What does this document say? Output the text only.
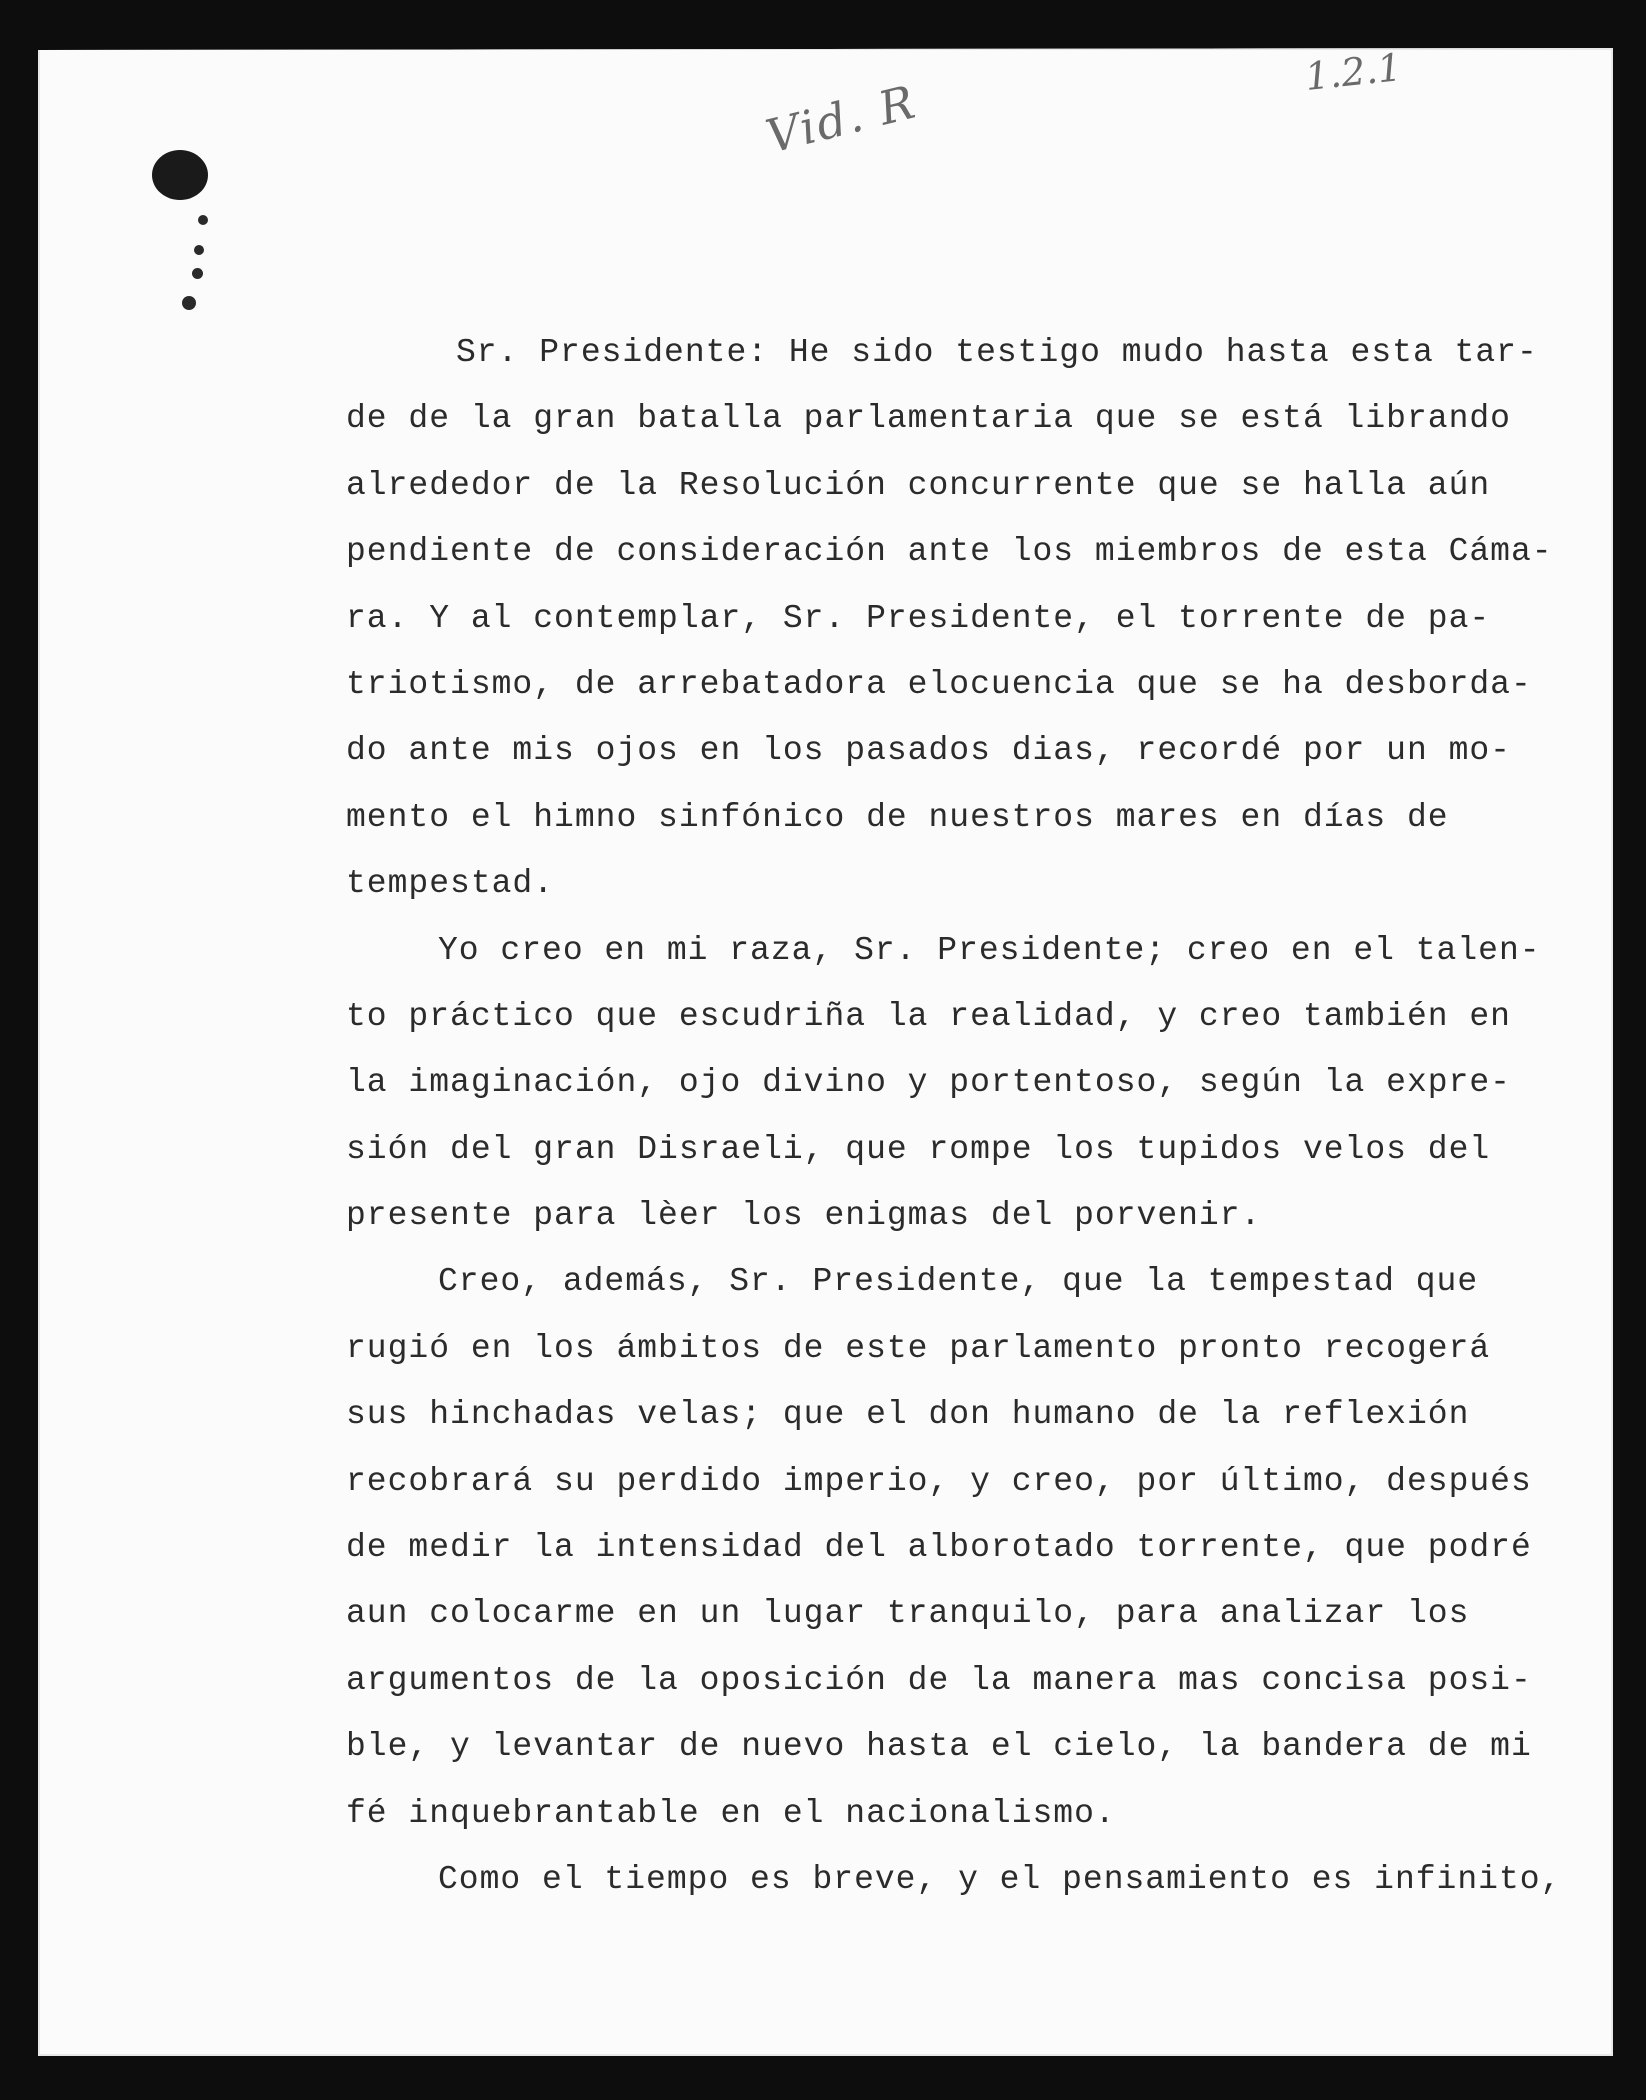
Vid. R
1.2.1
Sr. Presidente: He sido testigo mudo hasta esta tar-
de de la gran batalla parlamentaria que se está librando
alrededor de la Resolución concurrente que se halla aún
pendiente de consideración ante los miembros de esta Cáma-
ra. Y al contemplar, Sr. Presidente, el torrente de pa-
triotismo, de arrebatadora elocuencia que se ha desborda-
do ante mis ojos en los pasados dias, recordé por un mo-
mento el himno sinfónico de nuestros mares en días de
tempestad.
Yo creo en mi raza, Sr. Presidente; creo en el talen-
to práctico que escudriña la realidad, y creo también en
la imaginación, ojo divino y portentoso, según la expre-
sión del gran Disraeli, que rompe los tupidos velos del
presente para lèer los enigmas del porvenir.
Creo, además, Sr. Presidente, que la tempestad que
rugió en los ámbitos de este parlamento pronto recogerá
sus hinchadas velas; que el don humano de la reflexión
recobrará su perdido imperio, y creo, por último, después
de medir la intensidad del alborotado torrente, que podré
aun colocarme en un lugar tranquilo, para analizar los
argumentos de la oposición de la manera mas concisa posi-
ble, y levantar de nuevo hasta el cielo, la bandera de mi
fé inquebrantable en el nacionalismo.
Como el tiempo es breve, y el pensamiento es infinito,
